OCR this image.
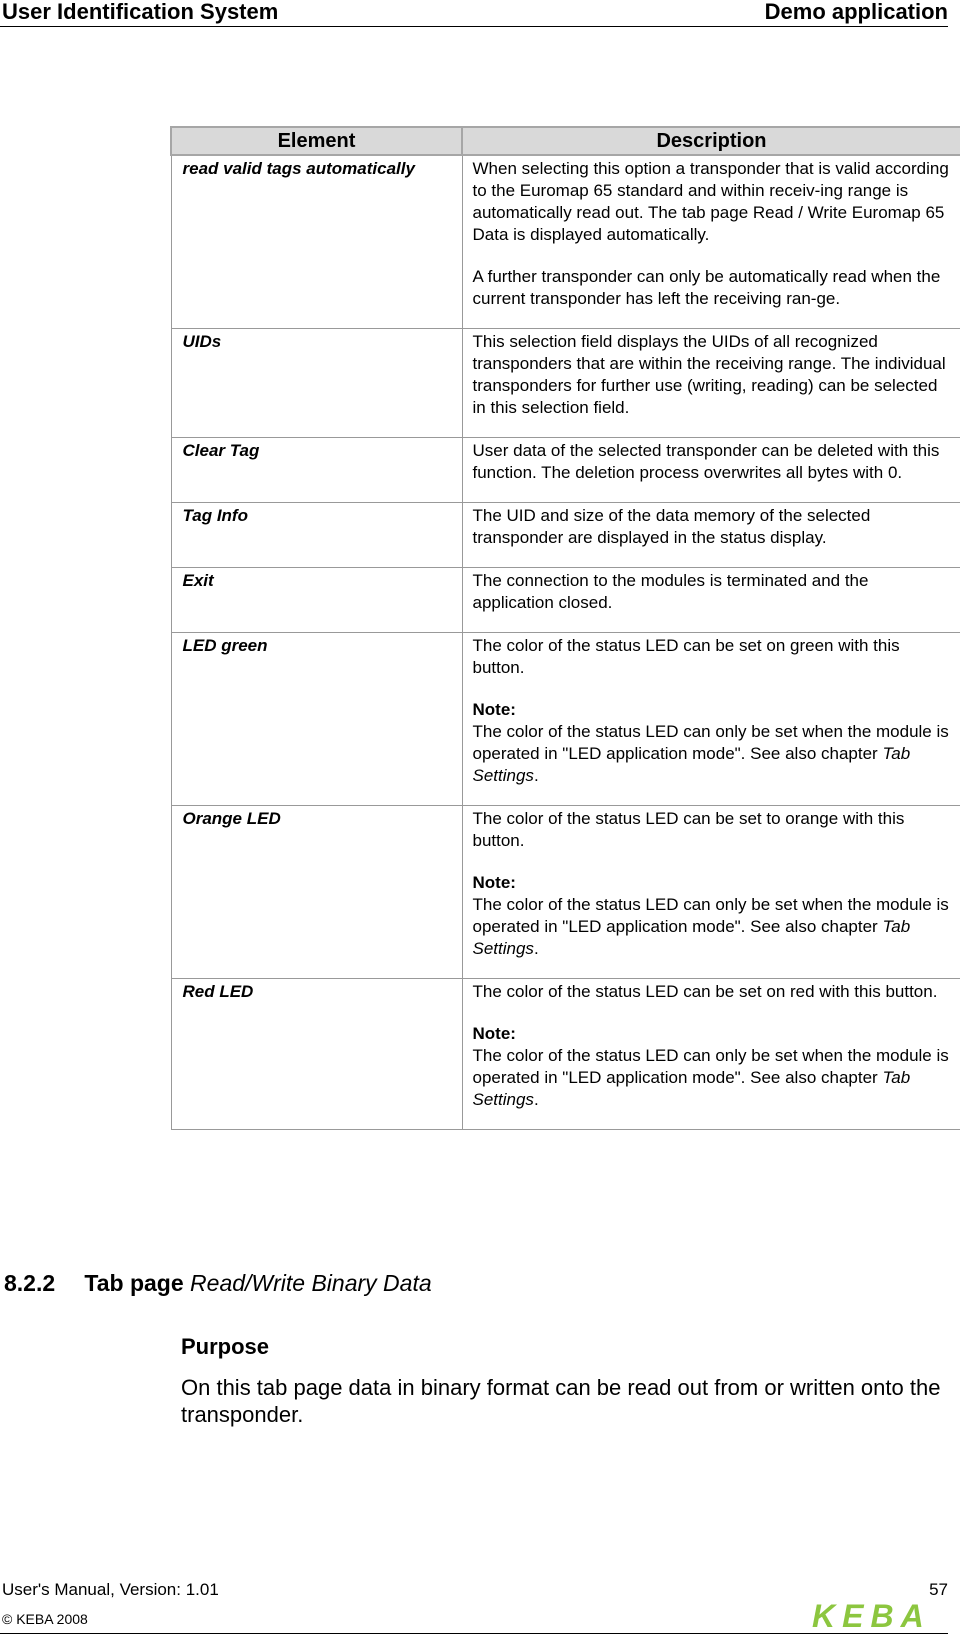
User Identification System	Demo application
Element	Description
read valid tags automatically	When selecting this option a transponder that is valid according to the Euromap 65 standard and within receiv-ing range is automatically read out. The tab page Read / Write Euromap 65 Data is displayed automatically.

A further transponder can only be automatically read when the current transponder has left the receiving ran-ge.

UIDs	This selection field displays the UIDs of all recognized transponders that are within the receiving range. The individual transponders for further use (writing, reading) can be selected in this selection field.

Clear Tag	User data of the selected transponder can be deleted with this function. The deletion process overwrites all bytes with 0.

Tag Info	The UID and size of the data memory of the selected transponder are displayed in the status display.

Exit	The connection to the modules is terminated and the application closed.

LED green	The color of the status LED can be set on green with this button.

Note:
The color of the status LED can only be set when the module is operated in "LED application mode". See also chapter Tab Settings.

Orange LED	The color of the status LED can be set to orange with this button.

Note:
The color of the status LED can only be set when the module is operated in "LED application mode". See also chapter Tab Settings.

Red LED	The color of the status LED can be set on red with this button.

Note:
The color of the status LED can only be set when the module is operated in "LED application mode". See also chapter Tab Settings.

8.2.2 Tab page Read/Write Binary Data
Purpose
On this tab page data in binary format can be read out from or written onto the transponder.
User's Manual, Version: 1.01	57
© KEBA 2008	KEBA
